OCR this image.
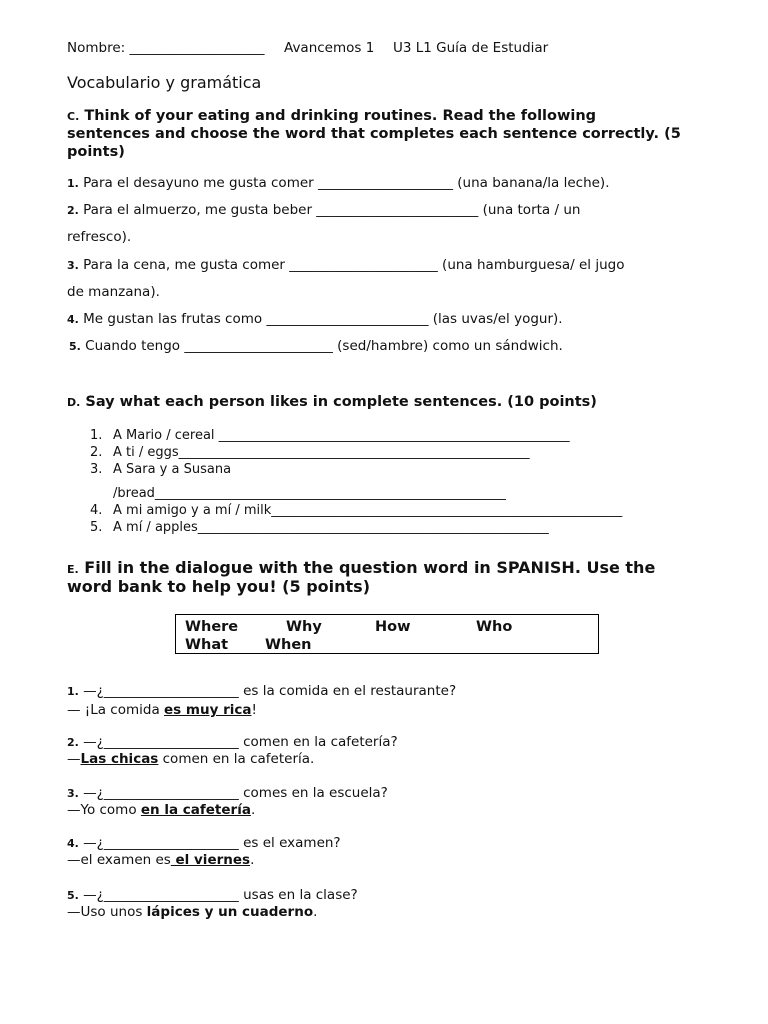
Nombre: ____________________ Avancemos 1 U3 L1 Guía de Estudiar
Vocabulario y gramática
C. Think of your eating and drinking routines. Read the following
sentences and choose the word that completes each sentence correctly. (5
points)
1. Para el desayuno me gusta comer ____________________ (una banana/la leche).
2. Para el almuerzo, me gusta beber ________________________ (una torta / un
refresco).
3. Para la cena, me gusta comer ______________________ (una hamburguesa/ el jugo
de manzana).
4. Me gustan las frutas como ________________________ (las uvas/el yogur).
5. Cuando tengo ______________________ (sed/hambre) como un sándwich.
D. Say what each person likes in complete sentences. (10 points)
1. A Mario / cereal ______________________________________________________
2. A ti / eggs______________________________________________________
3. A Sara y a Susana
/bread______________________________________________________
4. A mi amigo y a mí / milk______________________________________________________
5. A mí / apples______________________________________________________
E. Fill in the dialogue with the question word in SPANISH. Use the
word bank to help you! (5 points)
Where	Why	How	Who
What	When
1. —¿____________________ es la comida en el restaurante?
— ¡La comida es muy rica!
2. —¿____________________ comen en la cafetería?
—Las chicas comen en la cafetería.
3. —¿____________________ comes en la escuela?
—Yo como en la cafetería.
4. —¿____________________ es el examen?
—el examen es el viernes.
5. —¿____________________ usas en la clase?
—Uso unos lápices y un cuaderno.
